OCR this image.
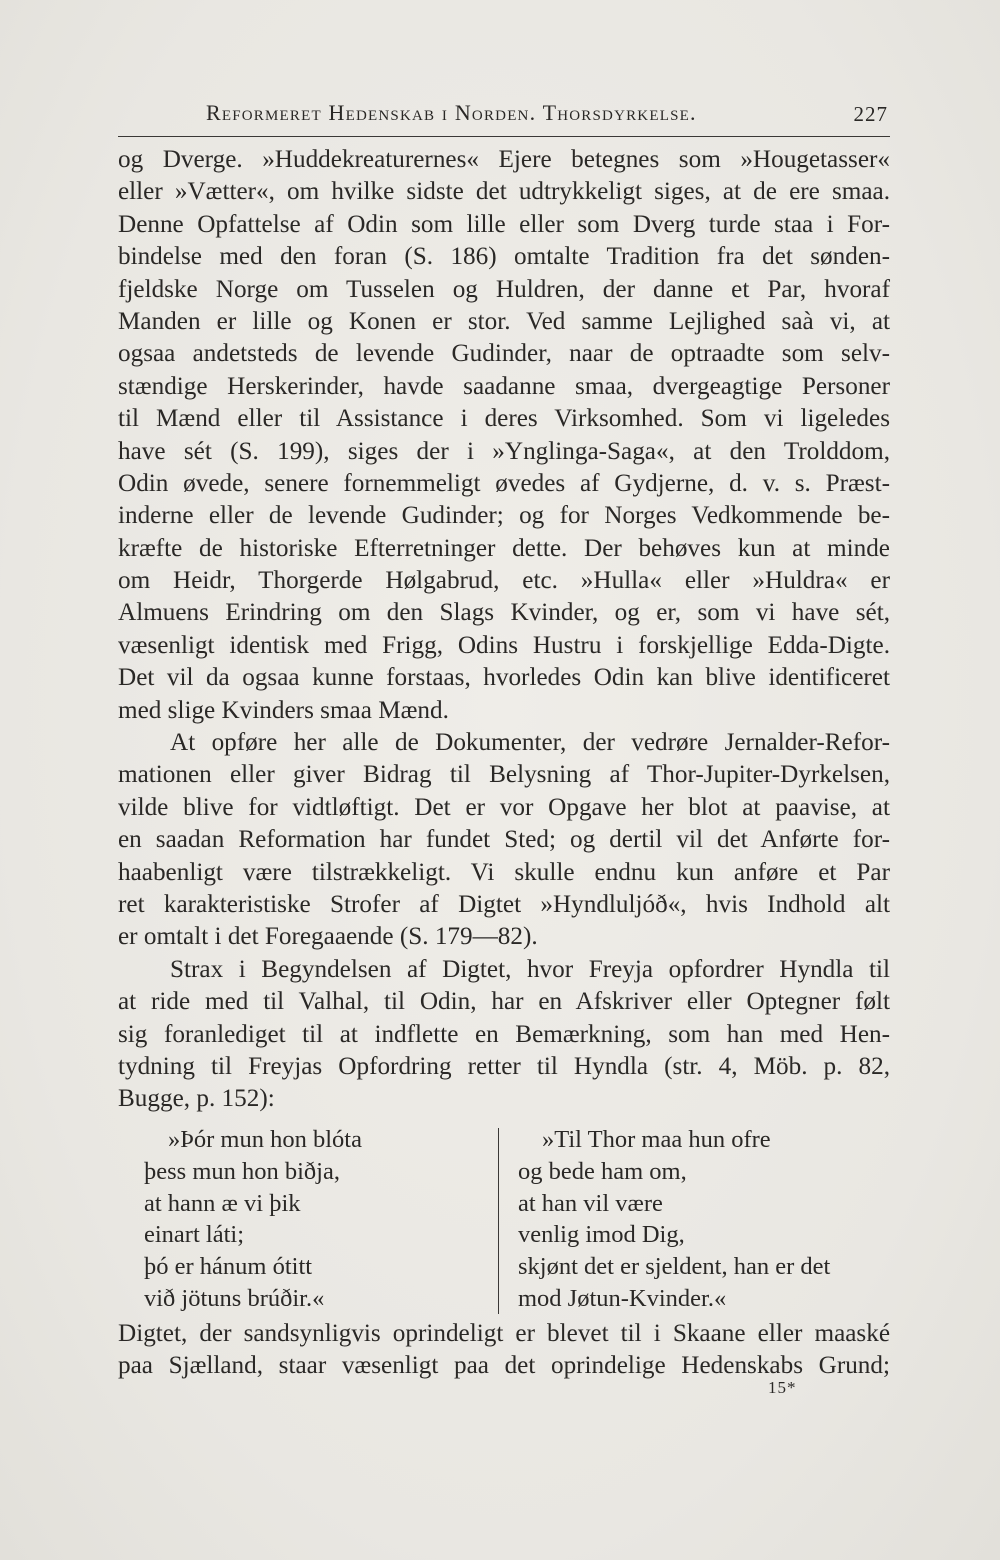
Reformeret Hedenskab i Norden. Thorsdyrkelse.	227
og Dverge. »Huddekreaturernes« Ejere betegnes som »Hougetasser«
eller »Vætter«, om hvilke sidste det udtrykkeligt siges, at de ere smaa.
Denne Opfattelse af Odin som lille eller som Dverg turde staa i For-
bindelse med den foran (S. 186) omtalte Tradition fra det sønden-
fjeldske Norge om Tusselen og Huldren, der danne et Par, hvoraf
Manden er lille og Konen er stor. Ved samme Lejlighed saà vi, at
ogsaa andetsteds de levende Gudinder, naar de optraadte som selv-
stændige Herskerinder, havde saadanne smaa, dvergeagtige Personer
til Mænd eller til Assistance i deres Virksomhed. Som vi ligeledes
have sét (S. 199), siges der i »Ynglinga-Saga«, at den Trolddom,
Odin øvede, senere fornemmeligt øvedes af Gydjerne, d. v. s. Præst-
inderne eller de levende Gudinder; og for Norges Vedkommende be-
kræfte de historiske Efterretninger dette. Der behøves kun at minde
om Heidr, Thorgerde Hølgabrud, etc. »Hulla« eller »Huldra« er
Almuens Erindring om den Slags Kvinder, og er, som vi have sét,
væsenligt identisk med Frigg, Odins Hustru i forskjellige Edda-Digte.
Det vil da ogsaa kunne forstaas, hvorledes Odin kan blive identificeret
med slige Kvinders smaa Mænd.
At opføre her alle de Dokumenter, der vedrøre Jernalder-Refor-
mationen eller giver Bidrag til Belysning af Thor-Jupiter-Dyrkelsen,
vilde blive for vidtløftigt. Det er vor Opgave her blot at paavise, at
en saadan Reformation har fundet Sted; og dertil vil det Anførte for-
haabenligt være tilstrækkeligt. Vi skulle endnu kun anføre et Par
ret karakteristiske Strofer af Digtet »Hyndluljóð«, hvis Indhold alt
er omtalt i det Foregaaende (S. 179—82).
Strax i Begyndelsen af Digtet, hvor Freyja opfordrer Hyndla til
at ride med til Valhal, til Odin, har en Afskriver eller Optegner følt
sig foranlediget til at indflette en Bemærkning, som han med Hen-
tydning til Freyjas Opfordring retter til Hyndla (str. 4, Möb. p. 82,
Bugge, p. 152):
»Þór mun hon blóta
þess mun hon biðja,
at hann æ vi þik
einart láti;
þó er hánum ótitt
við jötuns brúðir.«
»Til Thor maa hun ofre
og bede ham om,
at han vil være
venlig imod Dig,
skjønt det er sjeldent, han er det
mod Jøtun-Kvinder.«
Digtet, der sandsynligvis oprindeligt er blevet til i Skaane eller maaské
paa Sjælland, staar væsenligt paa det oprindelige Hedenskabs Grund;
15*
